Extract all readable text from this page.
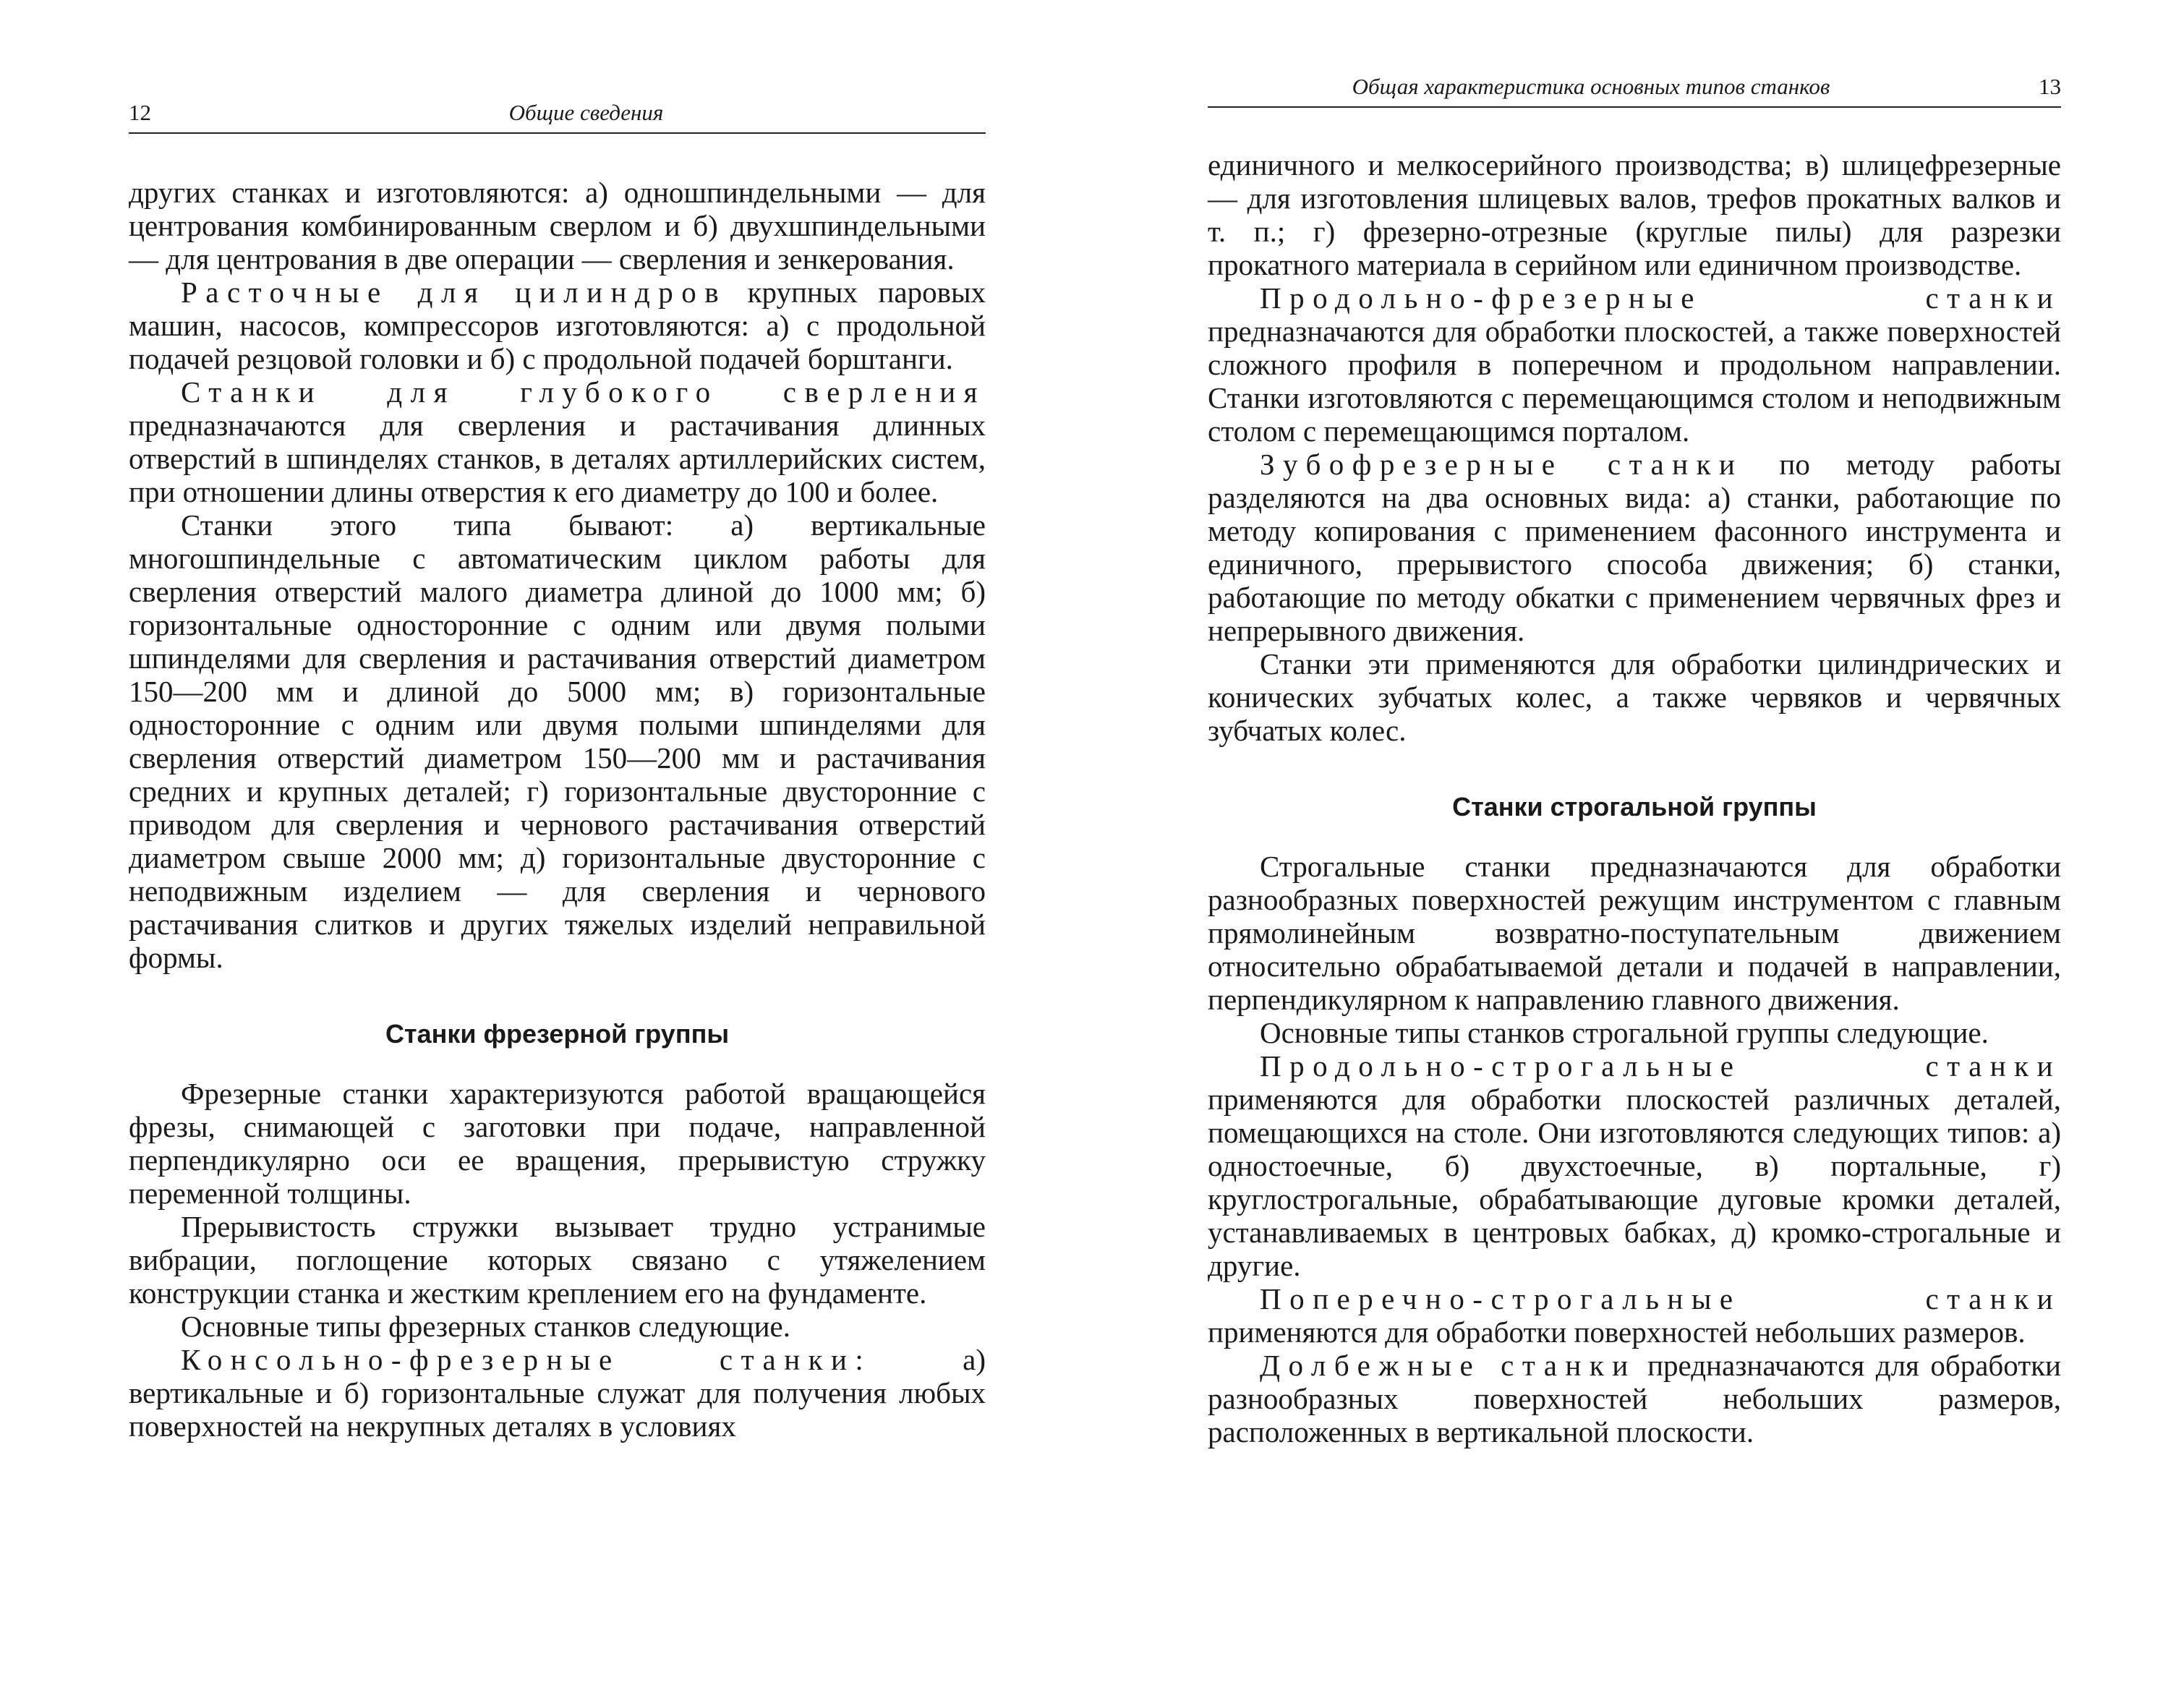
12	Общие сведения

других станках и изготовляются: а) одношпиндельными — для центрования комбинированным сверлом и б) двухшпиндельными — для центрования в две операции — сверления и зенкерования.

Расточные для цилиндров крупных паровых машин, насосов, компрессоров изготовляются: а) с продольной подачей резцовой головки и б) с продольной подачей борштанги.

Станки для глубокого сверления предназначаются для сверления и растачивания длинных отверстий в шпинделях станков, в деталях артиллерийских систем, при отношении длины отверстия к его диаметру до 100 и более.

Станки этого типа бывают: а) вертикальные многошпиндельные с автоматическим циклом работы для сверления отверстий малого диаметра длиной до 1000 мм; б) горизонтальные односторонние с одним или двумя полыми шпинделями для сверления и растачивания отверстий диаметром 150—200 мм и длиной до 5000 мм; в) горизонтальные односторонние с одним или двумя полыми шпинделями для сверления отверстий диаметром 150—200 мм и растачивания средних и крупных деталей; г) горизонтальные двусторонние с приводом для сверления и чернового растачивания отверстий диаметром свыше 2000 мм; д) горизонтальные двусторонние с неподвижным изделием — для сверления и чернового растачивания слитков и других тяжелых изделий неправильной формы.

Станки фрезерной группы

Фрезерные станки характеризуются работой вращающейся фрезы, снимающей с заготовки при подаче, направленной перпендикулярно оси ее вращения, прерывистую стружку переменной толщины.

Прерывистость стружки вызывает трудно устранимые вибрации, поглощение которых связано с утяжелением конструкции станка и жестким креплением его на фундаменте.

Основные типы фрезерных станков следующие.

Консольно-фрезерные станки: а) вертикальные и б) горизонтальные служат для получения любых поверхностей на некрупных деталях в условиях

Общая характеристика основных типов станков	13

единичного и мелкосерийного производства; в) шлицефрезерные — для изготовления шлицевых валов, трефов прокатных валков и т. п.; г) фрезерно-отрезные (круглые пилы) для разрезки прокатного материала в серийном или единичном производстве.

Продольно-фрезерные станки предназначаются для обработки плоскостей, а также поверхностей сложного профиля в поперечном и продольном направлении. Станки изготовляются с перемещающимся столом и неподвижным столом с перемещающимся порталом.

Зубофрезерные станки по методу работы разделяются на два основных вида: а) станки, работающие по методу копирования с применением фасонного инструмента и единичного, прерывистого способа движения; б) станки, работающие по методу обкатки с применением червячных фрез и непрерывного движения.

Станки эти применяются для обработки цилиндрических и конических зубчатых колес, а также червяков и червячных зубчатых колес.

Станки строгальной группы

Строгальные станки предназначаются для обработки разнообразных поверхностей режущим инструментом с главным прямолинейным возвратно-поступательным движением относительно обрабатываемой детали и подачей в направлении, перпендикулярном к направлению главного движения.

Основные типы станков строгальной группы следующие.

Продольно-строгальные станки применяются для обработки плоскостей различных деталей, помещающихся на столе. Они изготовляются следующих типов: а) одностоечные, б) двухстоечные, в) портальные, г) круглострогальные, обрабатывающие дуговые кромки деталей, устанавливаемых в центровых бабках, д) кромко-строгальные и другие.

Поперечно-строгальные станки применяются для обработки поверхностей небольших размеров.

Долбежные станки предназначаются для обработки разнообразных поверхностей небольших размеров, расположенных в вертикальной плоскости.
